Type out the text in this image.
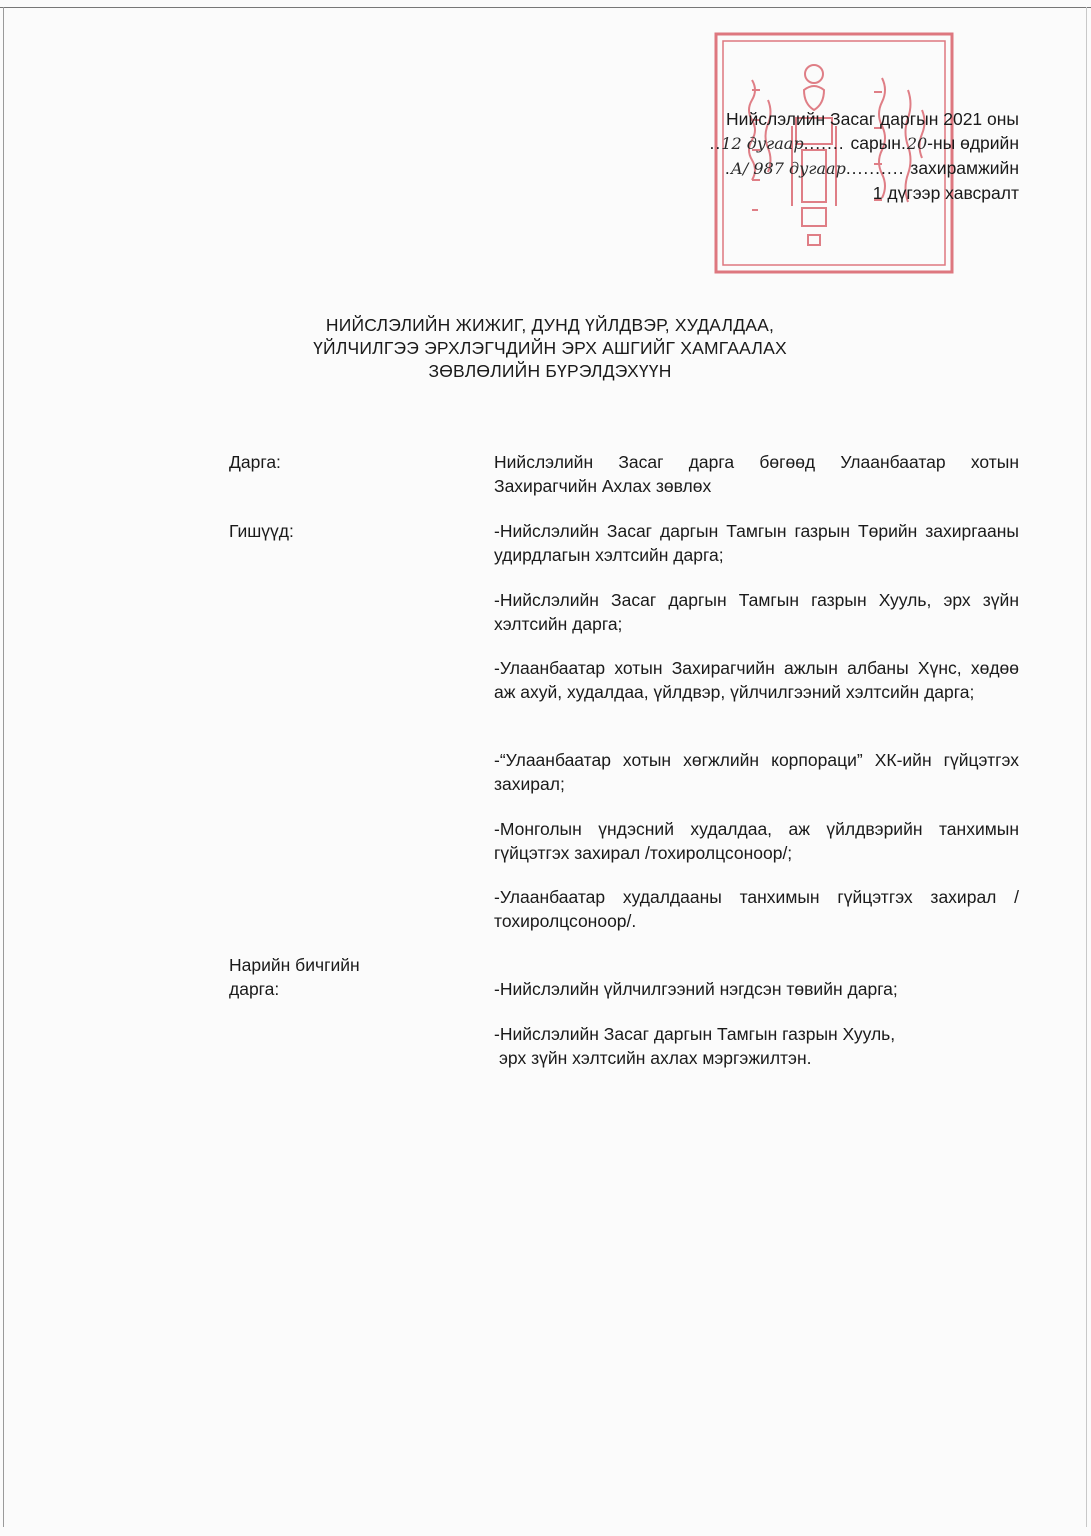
Нийслэлийн Засаг даргын 2021 оны
..12 дугаар....... сарын.20-ны өдрийн
.А/ 987 дугаар.......... захирамжийн
1 дүгээр хавсралт
НИЙСЛЭЛИЙН ЖИЖИГ, ДУНД ҮЙЛДВЭР, ХУДАЛДАА,
ҮЙЛЧИЛГЭЭ ЭРХЛЭГЧДИЙН ЭРХ АШГИЙГ ХАМГААЛАХ
ЗӨВЛӨЛИЙН БҮРЭЛДЭХҮҮН
Дарга:	Нийслэлийн Засаг дарга бөгөөд Улаанбаатар хотын Захирагчийн Ахлах зөвлөх
Гишүүд:	-Нийслэлийн Засаг даргын Тамгын газрын Төрийн захиргааны удирдлагын хэлтсийн дарга;
-Нийслэлийн Засаг даргын Тамгын газрын Хууль, эрх зүйн хэлтсийн дарга;
-Улаанбаатар хотын Захирагчийн ажлын албаны Хүнс, хөдөө аж ахуй, худалдаа, үйлдвэр, үйлчилгээний хэлтсийн дарга;
-“Улаанбаатар хотын хөгжлийн корпораци” ХК-ийн гүйцэтгэх захирал;
-Монголын үндэсний худалдаа, аж үйлдвэрийн танхимын гүйцэтгэх захирал /тохиролцсоноор/;
-Улаанбаатар худалдааны танхимын гүйцэтгэх захирал /тохиролцсоноор/.
Нарийн бичгийн
дарга:	-Нийслэлийн үйлчилгээний нэгдсэн төвийн дарга;
-Нийслэлийн Засаг даргын Тамгын газрын Хууль,
эрх зүйн хэлтсийн ахлах мэргэжилтэн.
